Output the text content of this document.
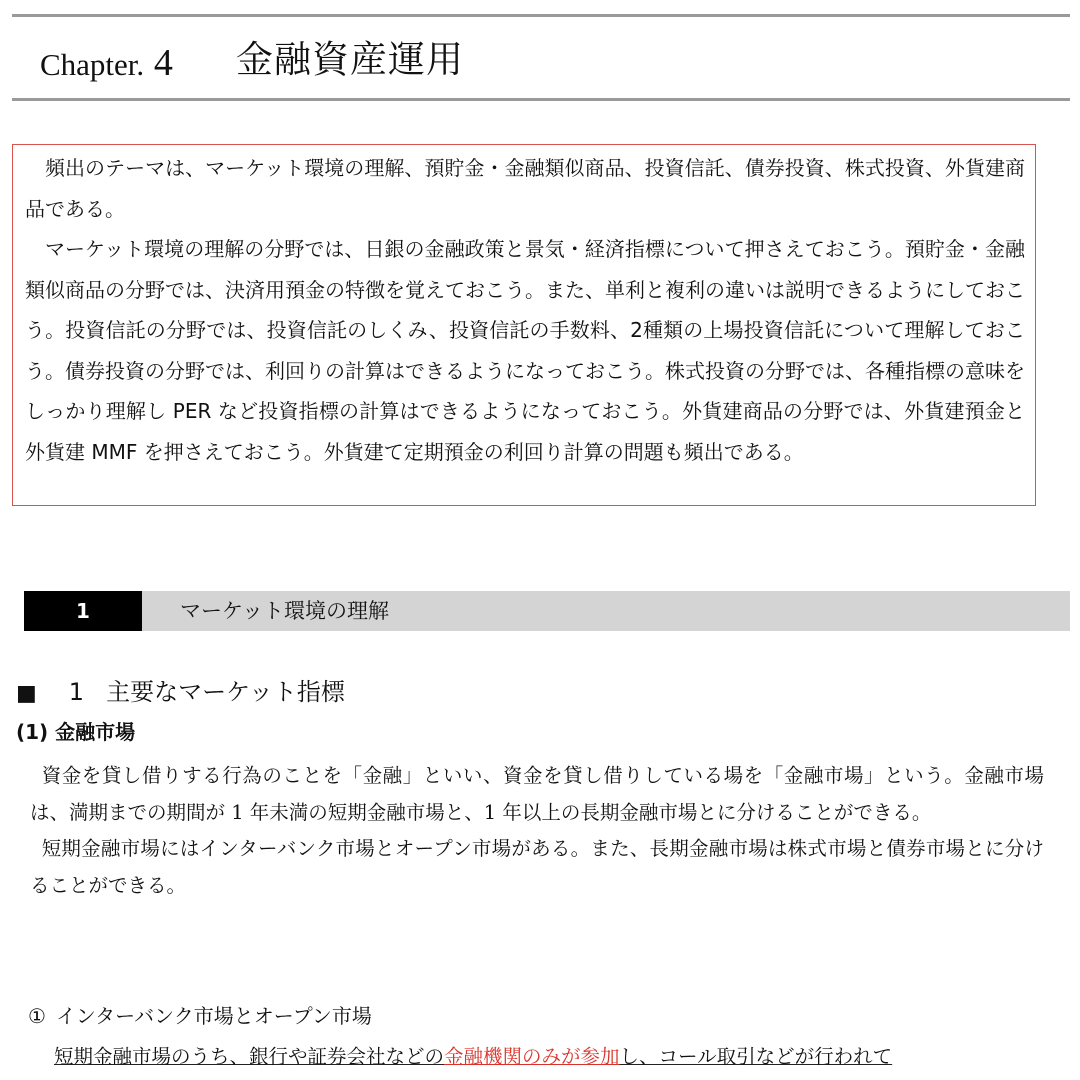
Chapter. 4 金融資産運用

頻出のテーマは、マーケット環境の理解、預貯金・金融類似商品、投資信託、債券投資、株式投資、外貨建商品である。

マーケット環境の理解の分野では、日銀の金融政策と景気・経済指標について押さえておこう。預貯金・金融類似商品の分野では、決済用預金の特徴を覚えておこう。また、単利と複利の違いは説明できるようにしておこう。投資信託の分野では、投資信託のしくみ、投資信託の手数料、2種類の上場投資信託について理解しておこう。債券投資の分野では、利回りの計算はできるようになっておこう。株式投資の分野では、各種指標の意味をしっかり理解し PER など投資指標の計算はできるようになっておこう。外貨建商品の分野では、外貨建預金と外貨建 MMF を押さえておこう。外貨建て定期預金の利回り計算の問題も頻出である。

1	マーケット環境の理解
■ 1 主要なマーケット指標
(1) 金融市場

資金を貸し借りする行為のことを「金融」といい、資金を貸し借りしている場を「金融市場」という。金融市場は、満期までの期間が 1 年未満の短期金融市場と、1 年以上の長期金融市場とに分けることができる。

短期金融市場にはインターバンク市場とオープン市場がある。また、長期金融市場は株式市場と債券市場とに分けることができる。

① インターバンク市場とオープン市場
短期金融市場のうち、銀行や証券会社などの金融機関のみが参加し、コール取引などが行われて
